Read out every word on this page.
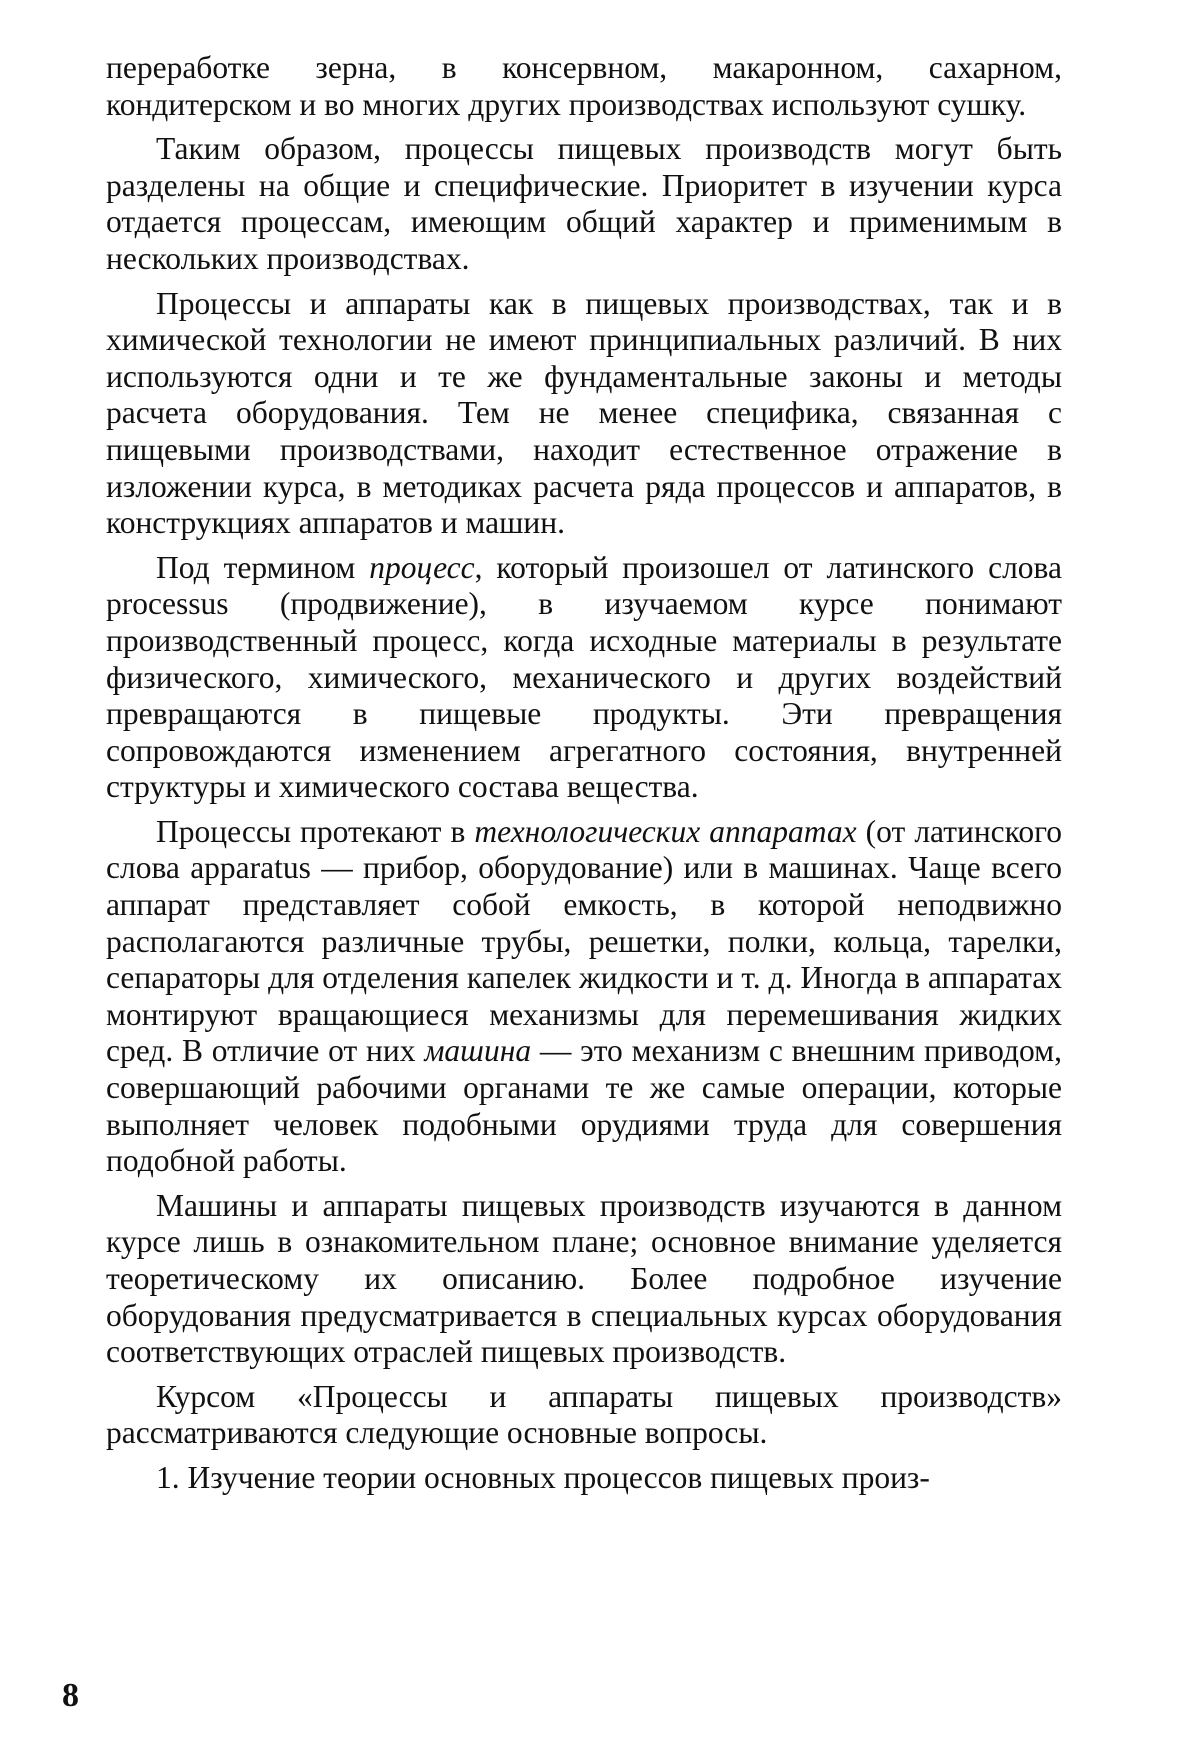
переработке зерна, в консервном, макаронном, сахарном, кондитерском и во многих других производствах используют сушку.

Таким образом, процессы пищевых производств могут быть разделены на общие и специфические. Приоритет в изучении курса отдается процессам, имеющим общий характер и применимым в нескольких производствах.

Процессы и аппараты как в пищевых производствах, так и в химической технологии не имеют принципиальных различий. В них используются одни и те же фундаментальные законы и методы расчета оборудования. Тем не менее специфика, связанная с пищевыми производствами, находит естественное отражение в изложении курса, в методиках расчета ряда процессов и аппаратов, в конструкциях аппаратов и машин.

Под термином процесс, который произошел от латинского слова processus (продвижение), в изучаемом курсе понимают производственный процесс, когда исходные материалы в результате физического, химического, механического и других воздействий превращаются в пищевые продукты. Эти превращения сопровождаются изменением агрегатного состояния, внутренней структуры и химического состава вещества.

Процессы протекают в технологических аппаратах (от латинского слова apparatus — прибор, оборудование) или в машинах. Чаще всего аппарат представляет собой емкость, в которой неподвижно располагаются различные трубы, решетки, полки, кольца, тарелки, сепараторы для отделения капелек жидкости и т. д. Иногда в аппаратах монтируют вращающиеся механизмы для перемешивания жидких сред. В отличие от них машина — это механизм с внешним приводом, совершающий рабочими органами те же самые операции, которые выполняет человек подобными орудиями труда для совершения подобной работы.

Машины и аппараты пищевых производств изучаются в данном курсе лишь в ознакомительном плане; основное внимание уделяется теоретическому их описанию. Более подробное изучение оборудования предусматривается в специальных курсах оборудования соответствующих отраслей пищевых производств.

Курсом «Процессы и аппараты пищевых производств» рассматриваются следующие основные вопросы.

1. Изучение теории основных процессов пищевых произ-

8
